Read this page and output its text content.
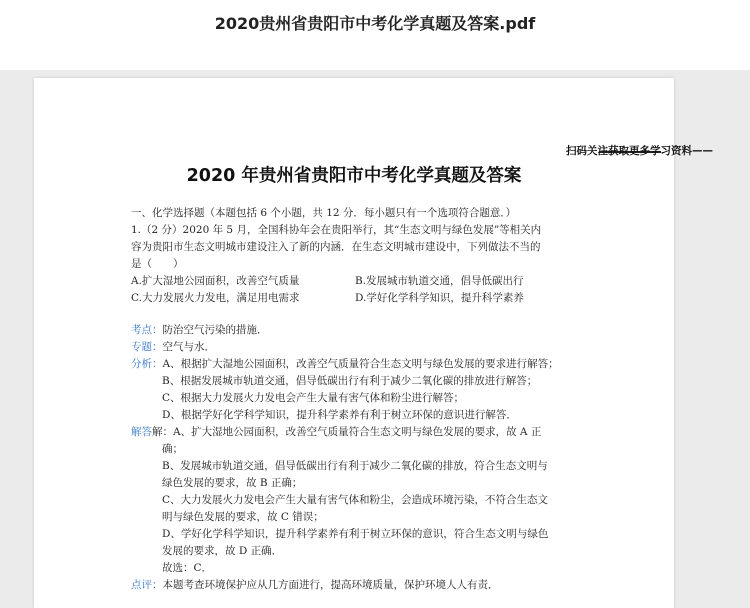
2020贵州省贵阳市中考化学真题及答案.pdf
扫码关注获取更多学习资料——
2020 年贵州省贵阳市中考化学真题及答案
一、化学选择题（本题包括 6 个小题，共 12 分．每小题只有一个选项符合题意．）
1.（2 分）2020 年 5 月，全国科协年会在贵阳举行，其“生态文明与绿色发展”等相关内
容为贵阳市生态文明城市建设注入了新的内涵．在生态文明城市建设中，下列做法不当的
是（　　）
A.扩大湿地公园面积，改善空气质量	B.发展城市轨道交通，倡导低碳出行
C.大力发展火力发电，满足用电需求	D.学好化学科学知识，提升科学素养
考点：防治空气污染的措施．
专题：空气与水．
分析：A、根据扩大湿地公园面积，改善空气质量符合生态文明与绿色发展的要求进行解答；
B、根据发展城市轨道交通，倡导低碳出行有利于减少二氧化碳的排放进行解答；
C、根据大力发展火力发电会产生大量有害气体和粉尘进行解答；
D、根据学好化学科学知识，提升科学素养有利于树立环保的意识进行解答．
解答解：A、扩大湿地公园面积，改善空气质量符合生态文明与绿色发展的要求，故 A 正
确；
B、发展城市轨道交通，倡导低碳出行有利于减少二氧化碳的排放，符合生态文明与
绿色发展的要求，故 B 正确；
C、大力发展火力发电会产生大量有害气体和粉尘，会造成环境污染，不符合生态文
明与绿色发展的要求，故 C 错误；
D、学好化学科学知识，提升科学素养有利于树立环保的意识，符合生态文明与绿色
发展的要求，故 D 正确．
故选：C．
点评：本题考查环境保护应从几方面进行，提高环境质量，保护环境人人有责．
